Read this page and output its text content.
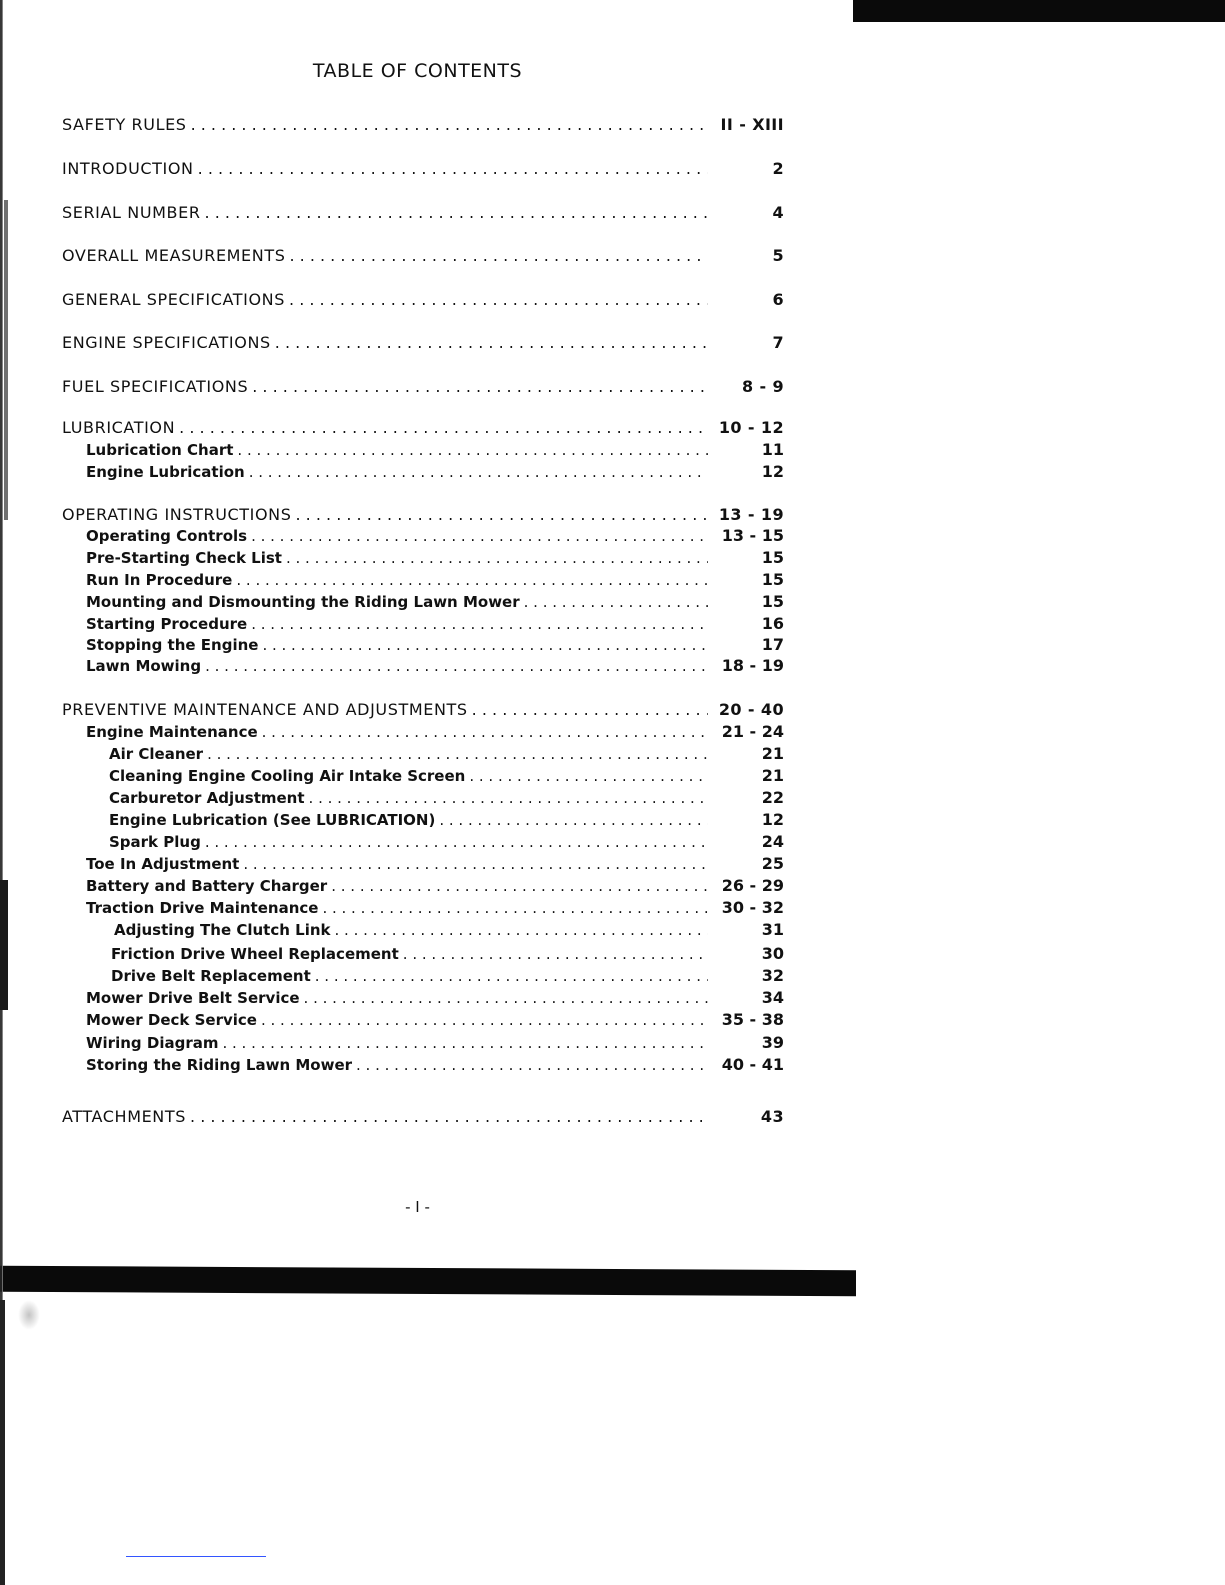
TABLE OF CONTENTS
SAFETY RULES . . .	II - XIII
INTRODUCTION . . .	2
SERIAL NUMBER . . .	4
OVERALL MEASUREMENTS . . .	5
GENERAL SPECIFICATIONS . . .	6
ENGINE SPECIFICATIONS . . .	7
FUEL SPECIFICATIONS . . .	8 - 9
LUBRICATION . . .	10 - 12
Lubrication Chart . . .	11
Engine Lubrication . . .	12
OPERATING INSTRUCTIONS . . .	13 - 19
Operating Controls . . .	13 - 15
Pre-Starting Check List . . .	15
Run In Procedure . . .	15
Mounting and Dismounting the Riding Lawn Mower . . .	15
Starting Procedure . . .	16
Stopping the Engine . . .	17
Lawn Mowing . . .	18 - 19
PREVENTIVE MAINTENANCE AND ADJUSTMENTS . . .	20 - 40
Engine Maintenance . . .	21 - 24
Air Cleaner . . .	21
Cleaning Engine Cooling Air Intake Screen . . .	21
Carburetor Adjustment . . .	22
Engine Lubrication (See LUBRICATION) . . .	12
Spark Plug . . .	24
Toe In Adjustment . . .	25
Battery and Battery Charger . . .	26 - 29
Traction Drive Maintenance . . .	30 - 32
Adjusting The Clutch Link . . .	31
Friction Drive Wheel Replacement . . .	30
Drive Belt Replacement . . .	32
Mower Drive Belt Service . . .	34
Mower Deck Service . . .	35 - 38
Wiring Diagram . . .	39
Storing the Riding Lawn Mower . . .	40 - 41
ATTACHMENTS . . .	43
- I -
